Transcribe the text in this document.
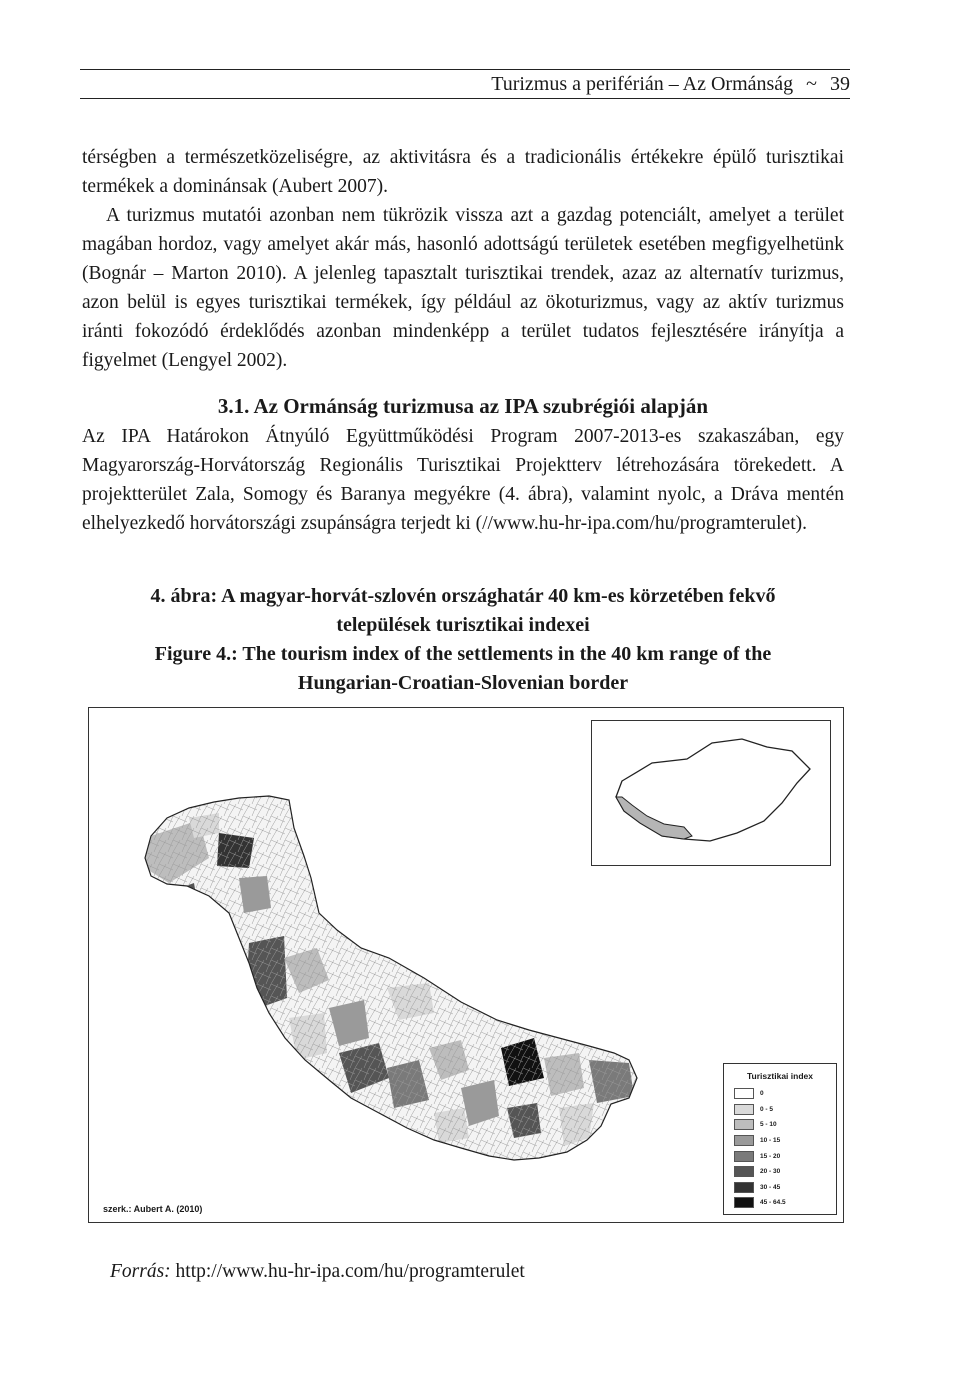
Turizmus a periférián – Az Ormánság ~ 39

térségben a természetközeliségre, az aktivitásra és a tradicionális értékekre épülő turisztikai termékek a dominánsak (Aubert 2007).

A turizmus mutatói azonban nem tükrözik vissza azt a gazdag potenciált, amelyet a terület magában hordoz, vagy amelyet akár más, hasonló adottságú területek esetében megfigyelhetünk (Bognár – Marton 2010). A jelenleg tapasztalt turisztikai trendek, azaz az alternatív turizmus, azon belül is egyes turisztikai termékek, így például az ökoturizmus, vagy az aktív turizmus iránti fokozódó érdeklődés azonban mindenképp a terület tudatos fejlesztésére irányítja a figyelmet (Lengyel 2002).

3.1. Az Ormánság turizmusa az IPA szubrégiói alapján

Az IPA Határokon Átnyúló Együttműködési Program 2007-2013-es szakaszában, egy Magyarország-Horvátország Regionális Turisztikai Projektterv létrehozására törekedett. A projektterület Zala, Somogy és Baranya megyékre (4. ábra), valamint nyolc, a Dráva mentén elhelyezkedő horvátországi zsupánságra terjedt ki (//www.hu-hr-ipa.com/hu/programterulet).

4. ábra: A magyar-horvát-szlovén országhatár 40 km-es körzetében fekvő
települések turisztikai indexei
Figure 4.: The tourism index of the settlements in the 40 km range of the
Hungarian-Croatian-Slovenian border
Turisztikai index
0
0 - 5
5 - 10
10 - 15
15 - 20
20 - 30
30 - 45
45 - 64.5
szerk.: Aubert A. (2010)
Forrás: http://www.hu-hr-ipa.com/hu/programterulet
